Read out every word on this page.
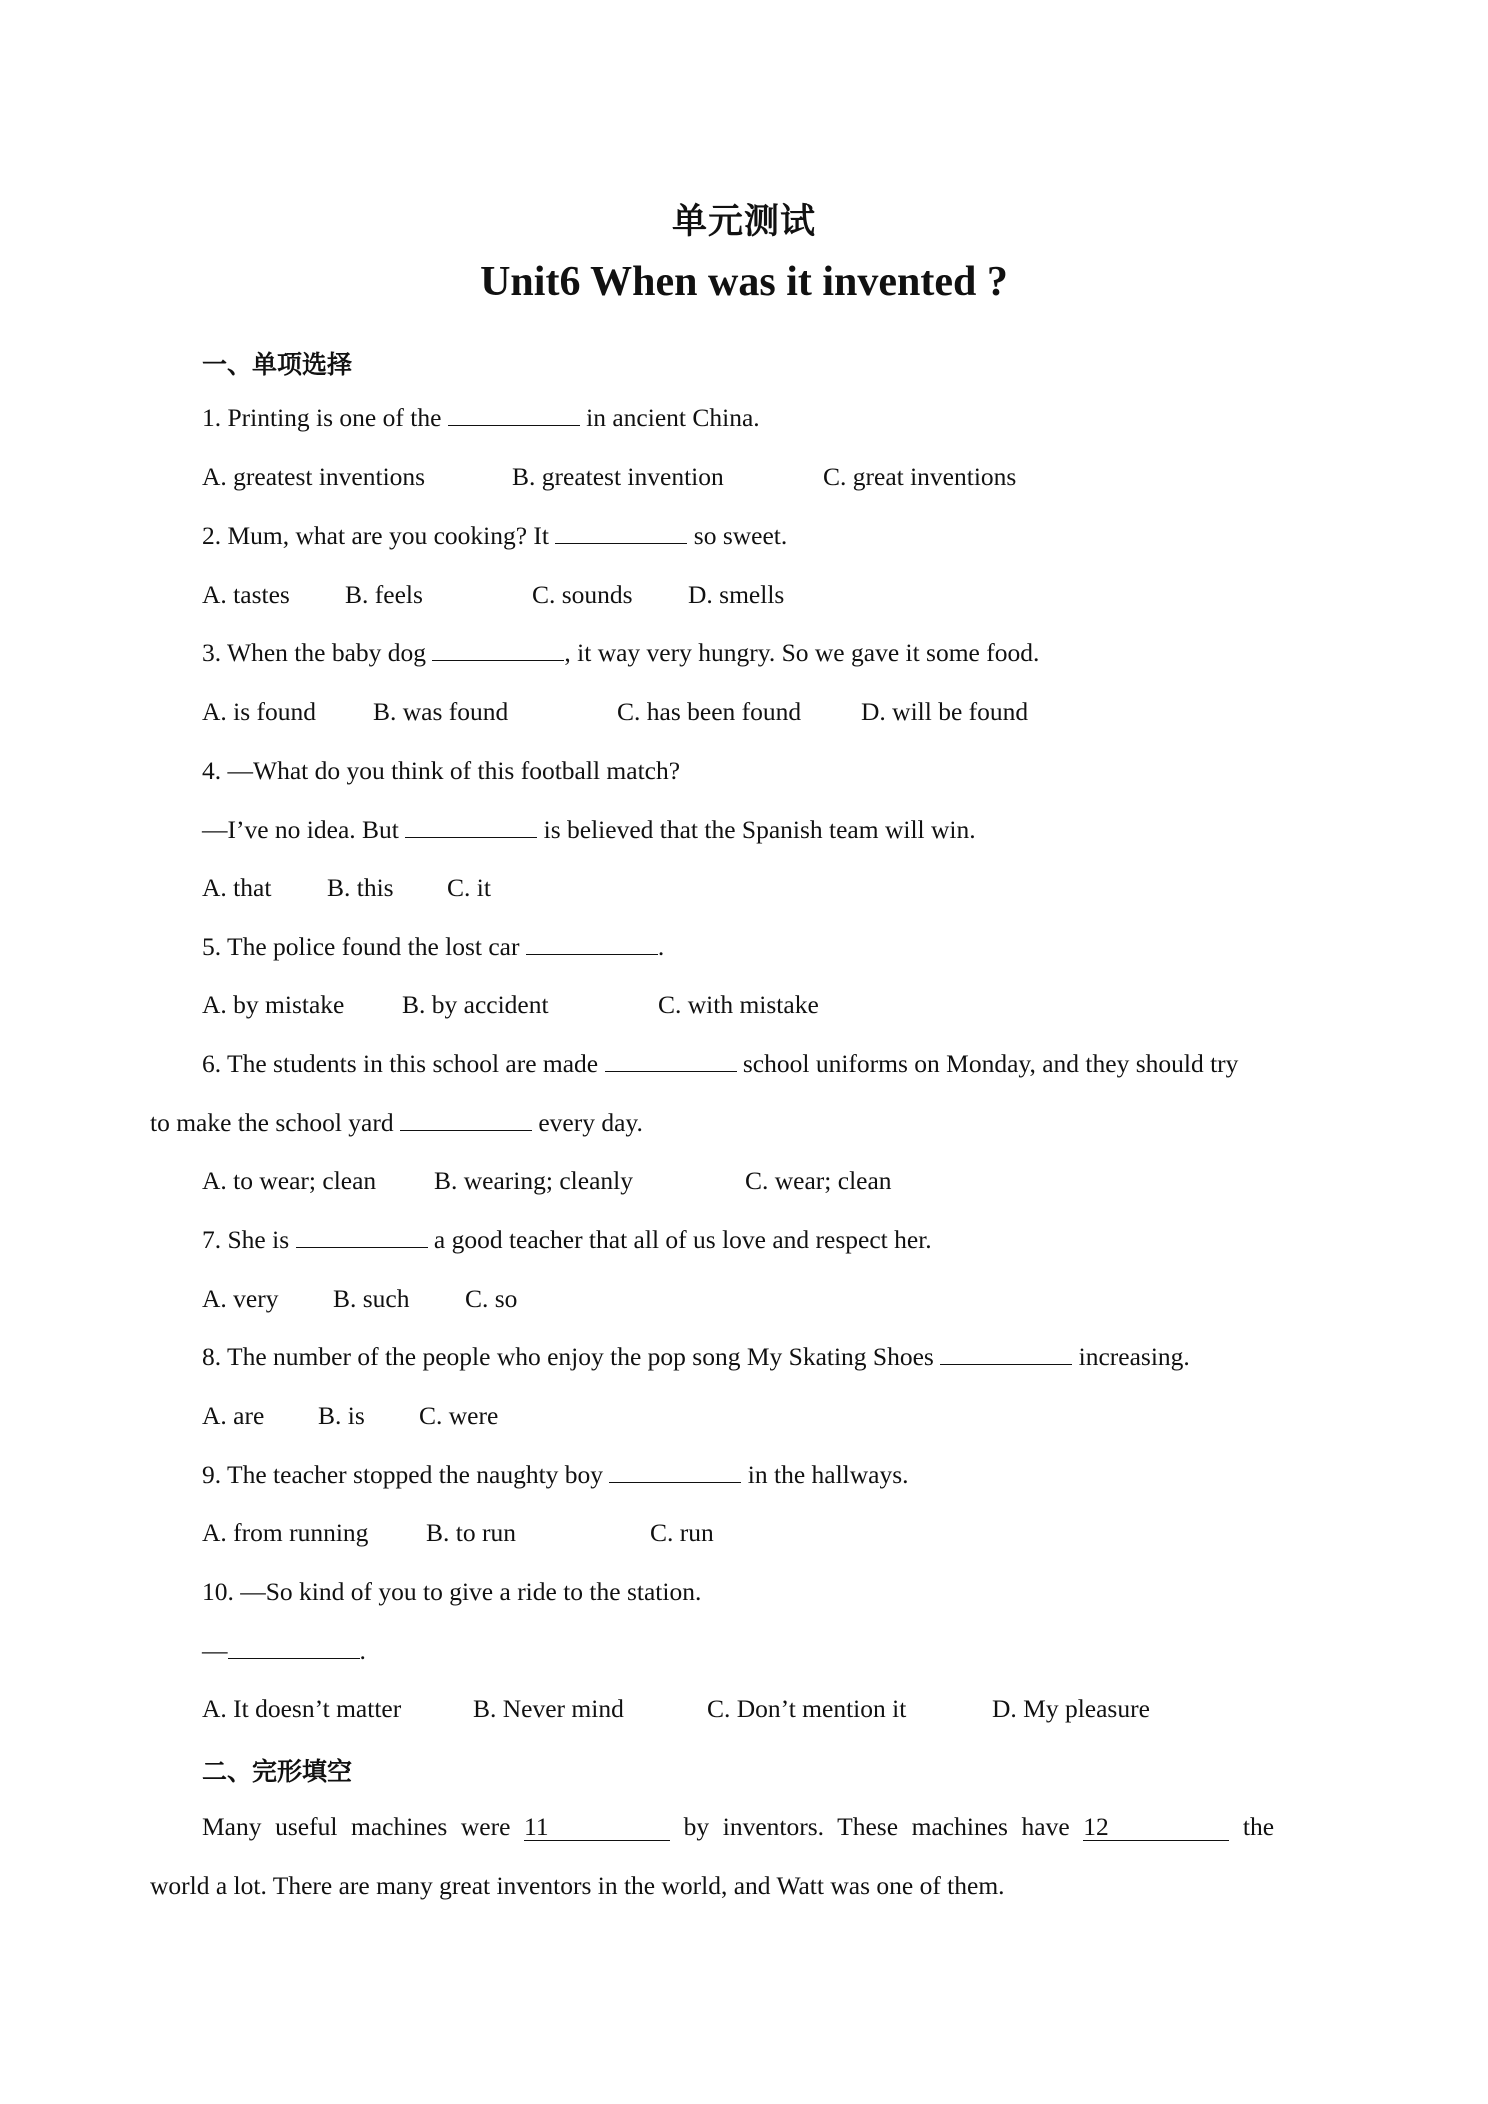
单元测试
Unit6 When was it invented ?
一、单项选择
1. Printing is one of the	in ancient China.
A. greatest inventions	B. greatest invention	C. great inventions
2. Mum, what are you cooking? It	so sweet.
A. tastes B. feels	C. sounds D. smells
3. When the baby dog	, it way very hungry. So we gave it some food.
A. is found B. was found	C. has been found D. will be found
4. —What do you think of this football match?
—I’ve no idea. But	is believed that the Spanish team will win.
A. that B. this C. it
5. The police found the lost car	.
A. by mistake B. by accident	C. with mistake
6. The students in this school are made	school uniforms on Monday, and they should try
to make the school yard	every day.
A. to wear; clean B. wearing; cleanly	C. wear; clean
7. She is	a good teacher that all of us love and respect her.
A. very B. such C. so
8. The number of the people who enjoy the pop song My Skating Shoes	increasing.
A. are B. is C. were
9. The teacher stopped the naughty boy	in the hallways.
A. from running B. to run	C. run
10. —So kind of you to give a ride to the station.
—	.
A. It doesn’t matter	B. Never mind	C. Don’t mention it	D. My pleasure
二、完形填空
Many useful machines were 11	by inventors. These machines have 12	the
world a lot. There are many great inventors in the world, and Watt was one of them.
